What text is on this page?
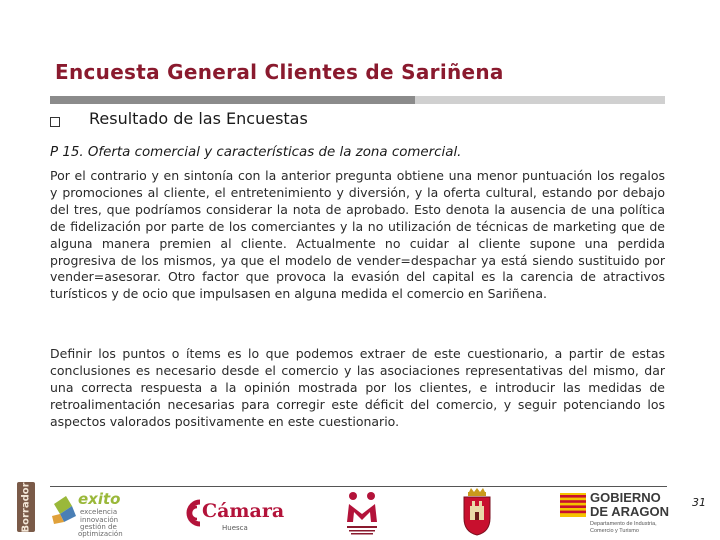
Encuesta General Clientes de Sariñena
Resultado de las Encuestas
P 15. Oferta comercial y características de la zona comercial.

Por el contrario y en sintonía con la anterior pregunta obtiene una menor puntuación los regalos y promociones al cliente, el entretenimiento y diversión, y la oferta cultural, estando por debajo del tres, que podríamos considerar la nota de aprobado. Esto denota la ausencia de una política de fidelización por parte de los comerciantes y la no utilización de técnicas de marketing que de alguna manera premien al cliente. Actualmente no cuidar al cliente supone una perdida progresiva de los mismos, ya que el modelo de vender=despachar ya está siendo sustituido por vender=asesorar. Otro factor que provoca la evasión del capital es la carencia de atractivos turísticos y de ocio que impulsasen en alguna medida el comercio en Sariñena.

Definir los puntos o ítems es lo que podemos extraer de este cuestionario, a partir de estas conclusiones es necesario desde el comercio y las asociaciones representativas del mismo, dar una correcta respuesta a la opinión mostrada por los clientes, e introducir las medidas de retroalimentación necesarias para corregir este déficit del comercio, y seguir potenciando los aspectos valorados positivamente en este cuestionario.

Borrador	exito
excelencia
innovación
gestión de
optimización
Cámara
Huesca
GOBIERNO
DE ARAGON
Departamento de Industria,
Comercio y Turismo
31
